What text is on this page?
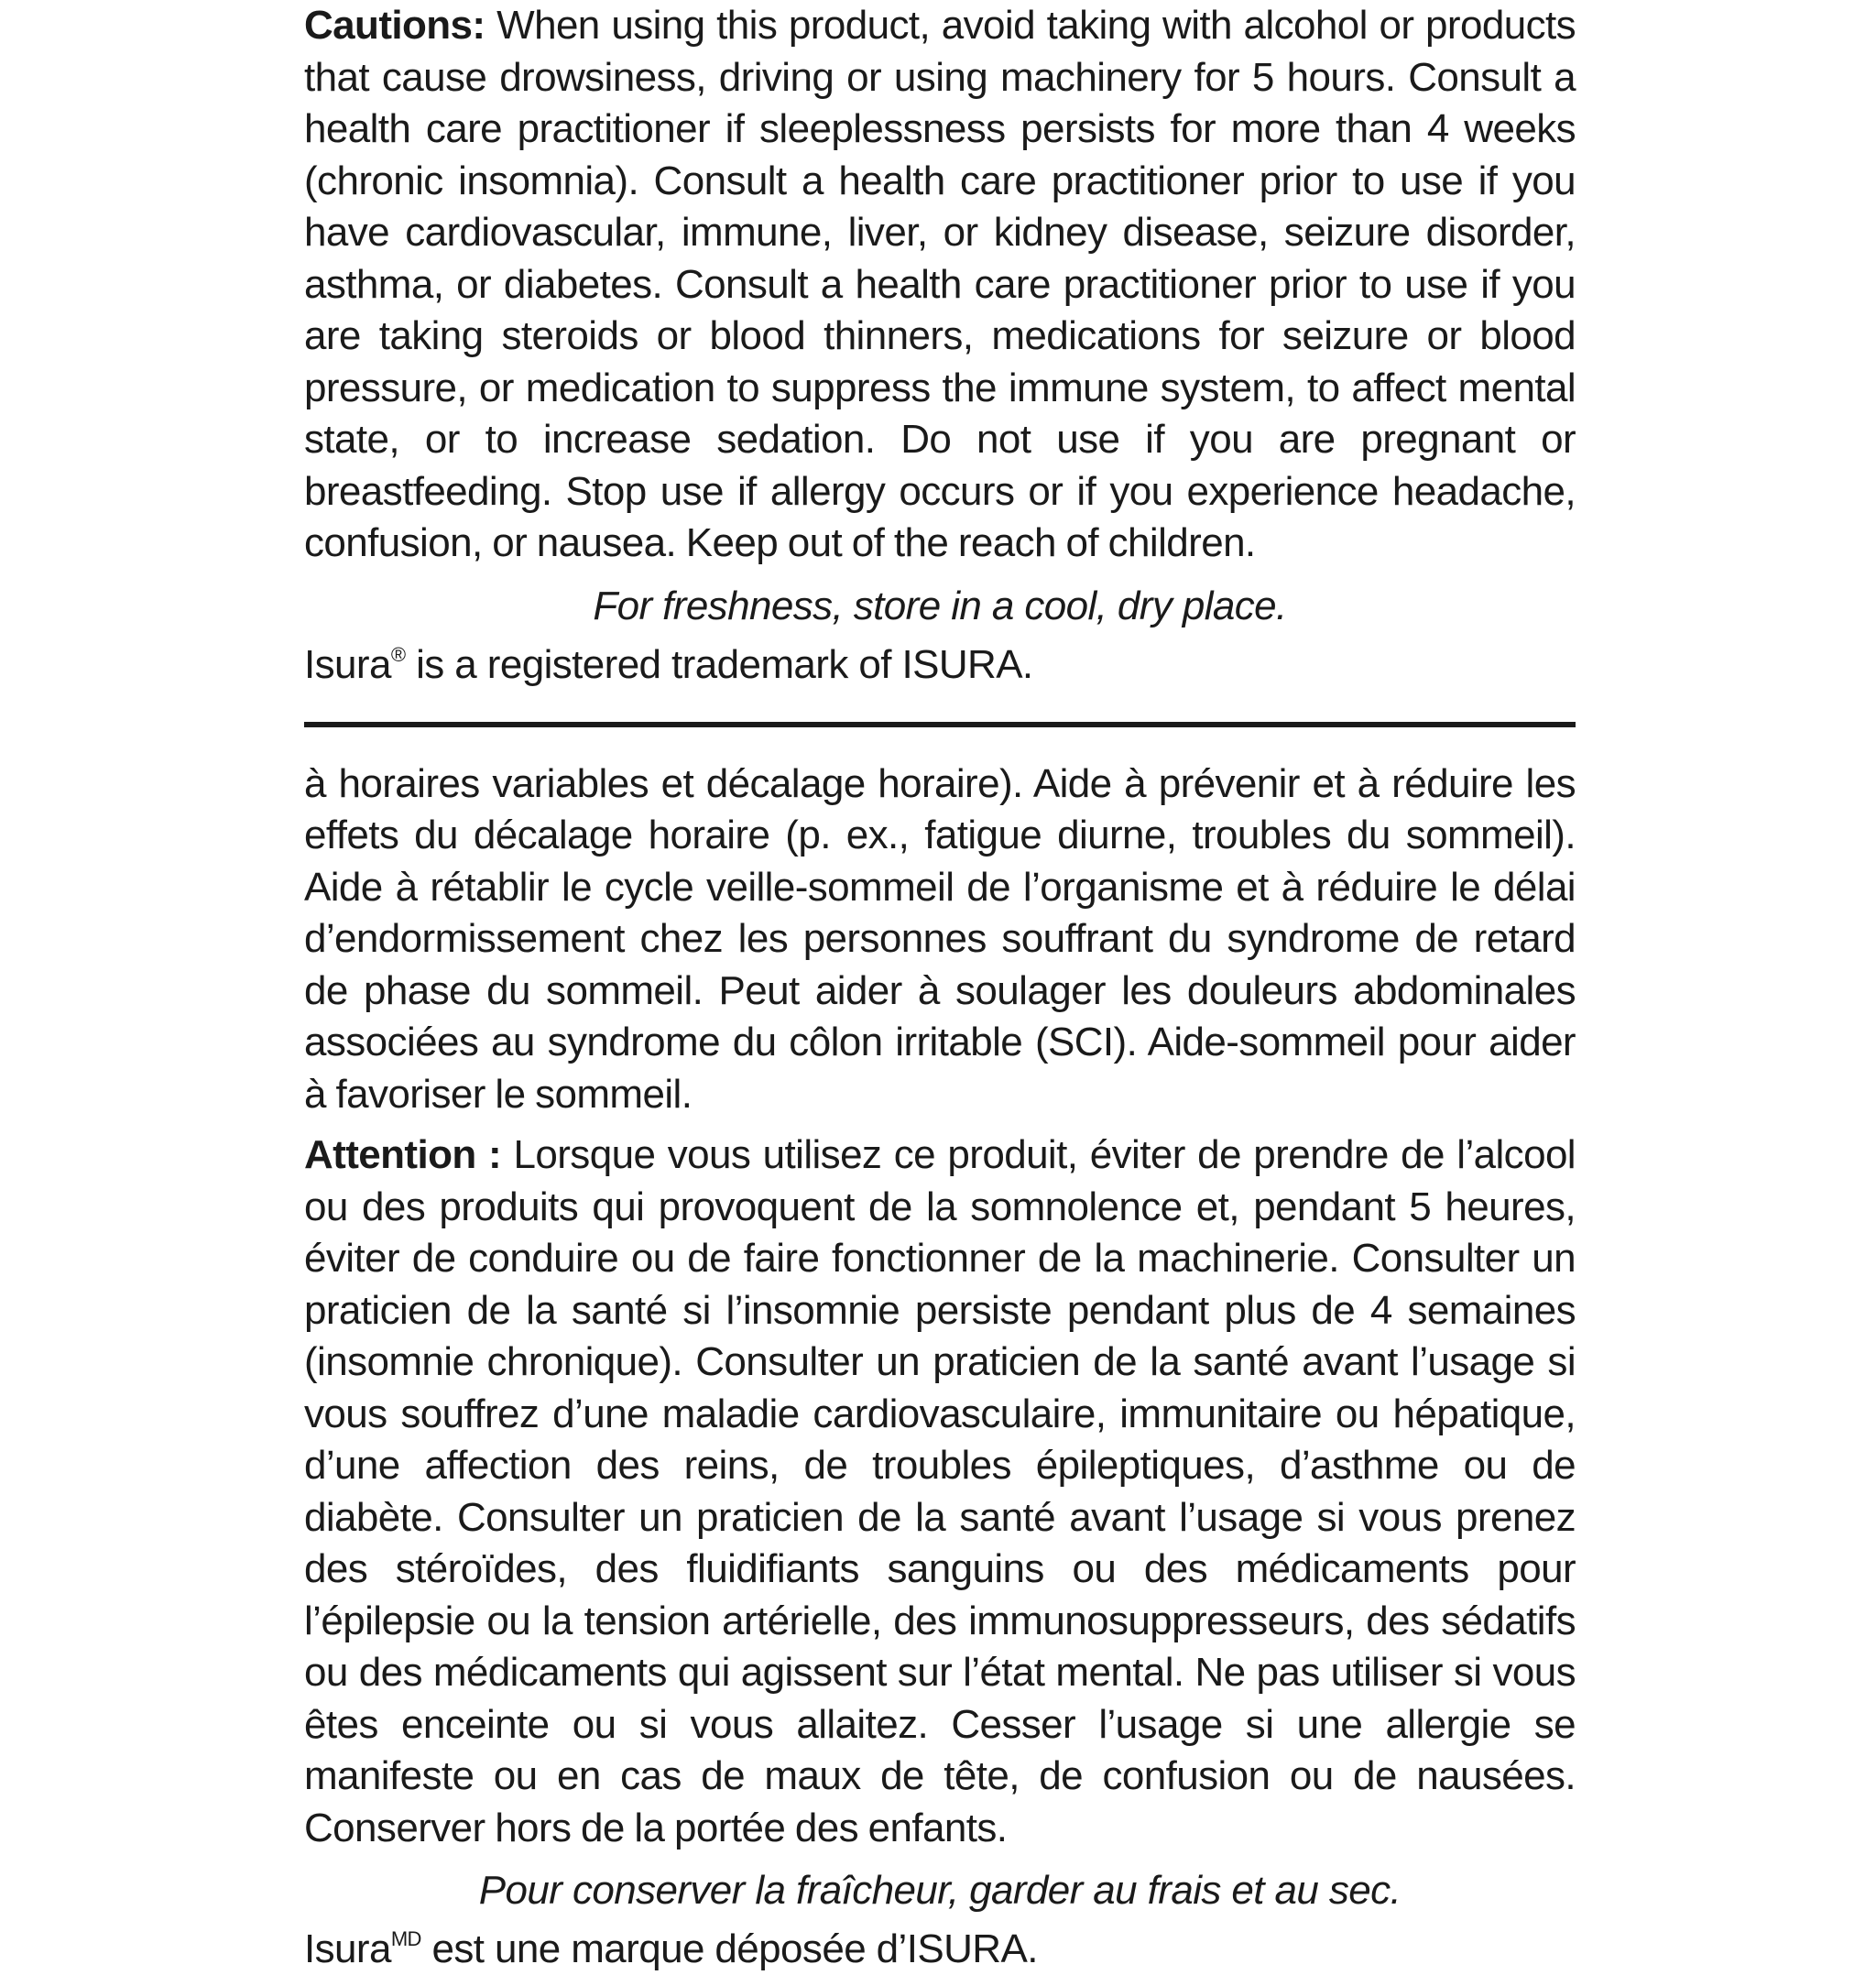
Cautions: When using this product, avoid taking with alcohol or products that cause drowsiness, driving or using machinery for 5 hours. Consult a health care practitioner if sleeplessness persists for more than 4 weeks (chronic insomnia). Consult a health care practitioner prior to use if you have cardiovascular, immune, liver, or kidney disease, seizure disorder, asthma, or diabetes. Consult a health care practitioner prior to use if you are taking steroids or blood thinners, medications for seizure or blood pressure, or medication to suppress the immune system, to affect mental state, or to increase sedation. Do not use if you are pregnant or breastfeeding. Stop use if allergy occurs or if you experience headache, confusion, or nausea. Keep out of the reach of children.

For freshness, store in a cool, dry place.

Isura® is a registered trademark of ISURA.

à horaires variables et décalage horaire). Aide à prévenir et à réduire les effets du décalage horaire (p. ex., fatigue diurne, troubles du sommeil). Aide à rétablir le cycle veille-sommeil de l’organisme et à réduire le délai d’endormissement chez les personnes souffrant du syndrome de retard de phase du sommeil. Peut aider à soulager les douleurs abdominales associées au syndrome du côlon irritable (SCI). Aide-sommeil pour aider à favoriser le sommeil.

Attention : Lorsque vous utilisez ce produit, éviter de prendre de l’alcool ou des produits qui provoquent de la somnolence et, pendant 5 heures, éviter de conduire ou de faire fonctionner de la machinerie. Consulter un praticien de la santé si l’insomnie persiste pendant plus de 4 semaines (insomnie chronique). Consulter un praticien de la santé avant l’usage si vous souffrez d’une maladie cardiovasculaire, immunitaire ou hépatique, d’une affection des reins, de troubles épileptiques, d’asthme ou de diabète. Consulter un praticien de la santé avant l’usage si vous prenez des stéroïdes, des fluidifiants sanguins ou des médicaments pour l’épilepsie ou la tension artérielle, des immunosuppresseurs, des sédatifs ou des médicaments qui agissent sur l’état mental. Ne pas utiliser si vous êtes enceinte ou si vous allaitez. Cesser l’usage si une allergie se manifeste ou en cas de maux de tête, de confusion ou de nausées. Conserver hors de la portée des enfants.

Pour conserver la fraîcheur, garder au frais et au sec.

Isura$^{MD}$ est une marque déposée d’ISURA.
